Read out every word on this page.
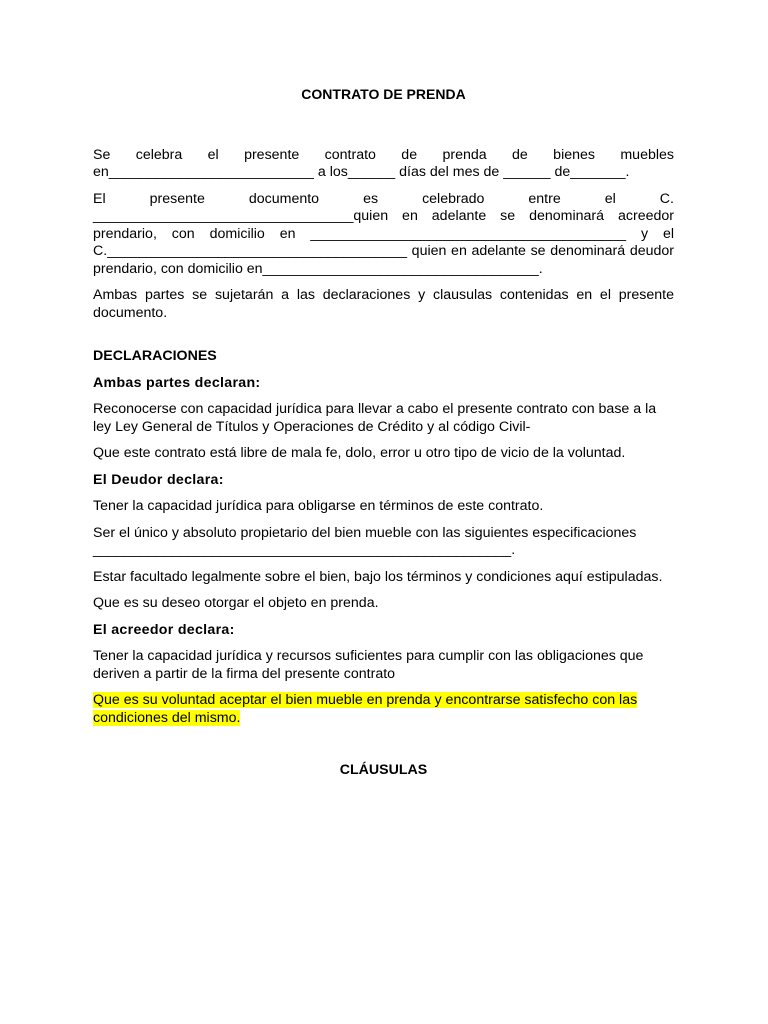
CONTRATO DE PRENDA

Se celebra el presente contrato de prenda de bienes muebles en__________________________ a los______ días del mes de ______ de_______.

El presente documento es celebrado entre el C. _________________________________quien en adelante se denominará acreedor prendario, con domicilio en ________________________________________ y el C.______________________________________ quien en adelante se denominará deudor prendario, con domicilio en___________________________________.

Ambas partes se sujetarán a las declaraciones y clausulas contenidas en el presente documento.

DECLARACIONES

Ambas partes declaran:

Reconocerse con capacidad jurídica para llevar a cabo el presente contrato con base a la ley Ley General de Títulos y Operaciones de Crédito y al código Civil-

Que este contrato está libre de mala fe, dolo, error u otro tipo de vicio de la voluntad.

El Deudor declara:

Tener la capacidad jurídica para obligarse en términos de este contrato.

Ser el único y absoluto propietario del bien mueble con las siguientes especificaciones _____________________________________________________.

Estar facultado legalmente sobre el bien, bajo los términos y condiciones aquí estipuladas.

Que es su deseo otorgar el objeto en prenda.

El acreedor declara:

Tener la capacidad jurídica y recursos suficientes para cumplir con las obligaciones que deriven a partir de la firma del presente contrato

Que es su voluntad aceptar el bien mueble en prenda y encontrarse satisfecho con las condiciones del mismo.

CLÁUSULAS
